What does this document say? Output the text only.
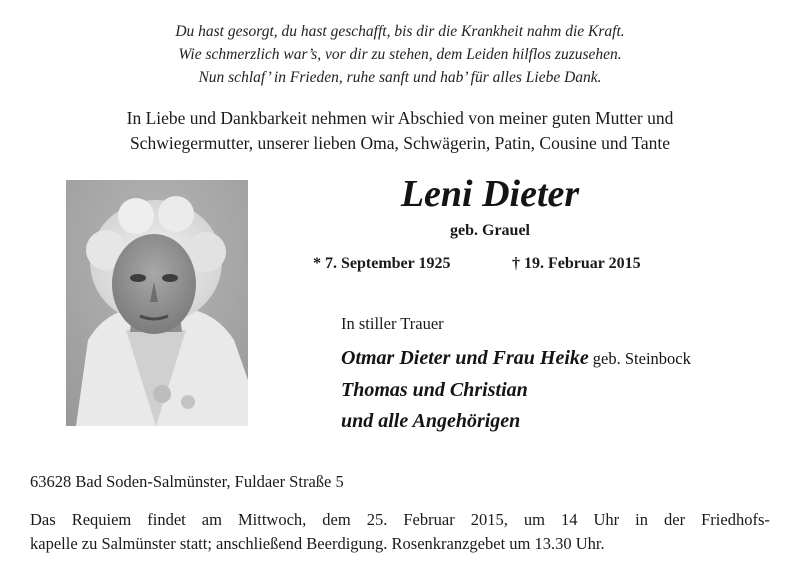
Du hast gesorgt, du hast geschafft, bis dir die Krankheit nahm die Kraft.
Wie schmerzlich war’s, vor dir zu stehen, dem Leiden hilflos zuzusehen.
Nun schlaf’ in Frieden, ruhe sanft und hab’ für alles Liebe Dank.
In Liebe und Dankbarkeit nehmen wir Abschied von meiner guten Mutter und
Schwiegermutter, unserer lieben Oma, Schwägerin, Patin, Cousine und Tante
Leni Dieter
geb. Grauel
* 7. September 1925	† 19. Februar 2015
In stiller Trauer
Otmar Dieter und Frau Heike geb. Steinbock
Thomas und Christian
und alle Angehörigen
63628 Bad Soden-Salmünster, Fuldaer Straße 5
Das Requiem findet am Mittwoch, dem 25. Februar 2015, um 14 Uhr in der Friedhofs-
kapelle zu Salmünster statt; anschließend Beerdigung. Rosenkranzgebet um 13.30 Uhr.
